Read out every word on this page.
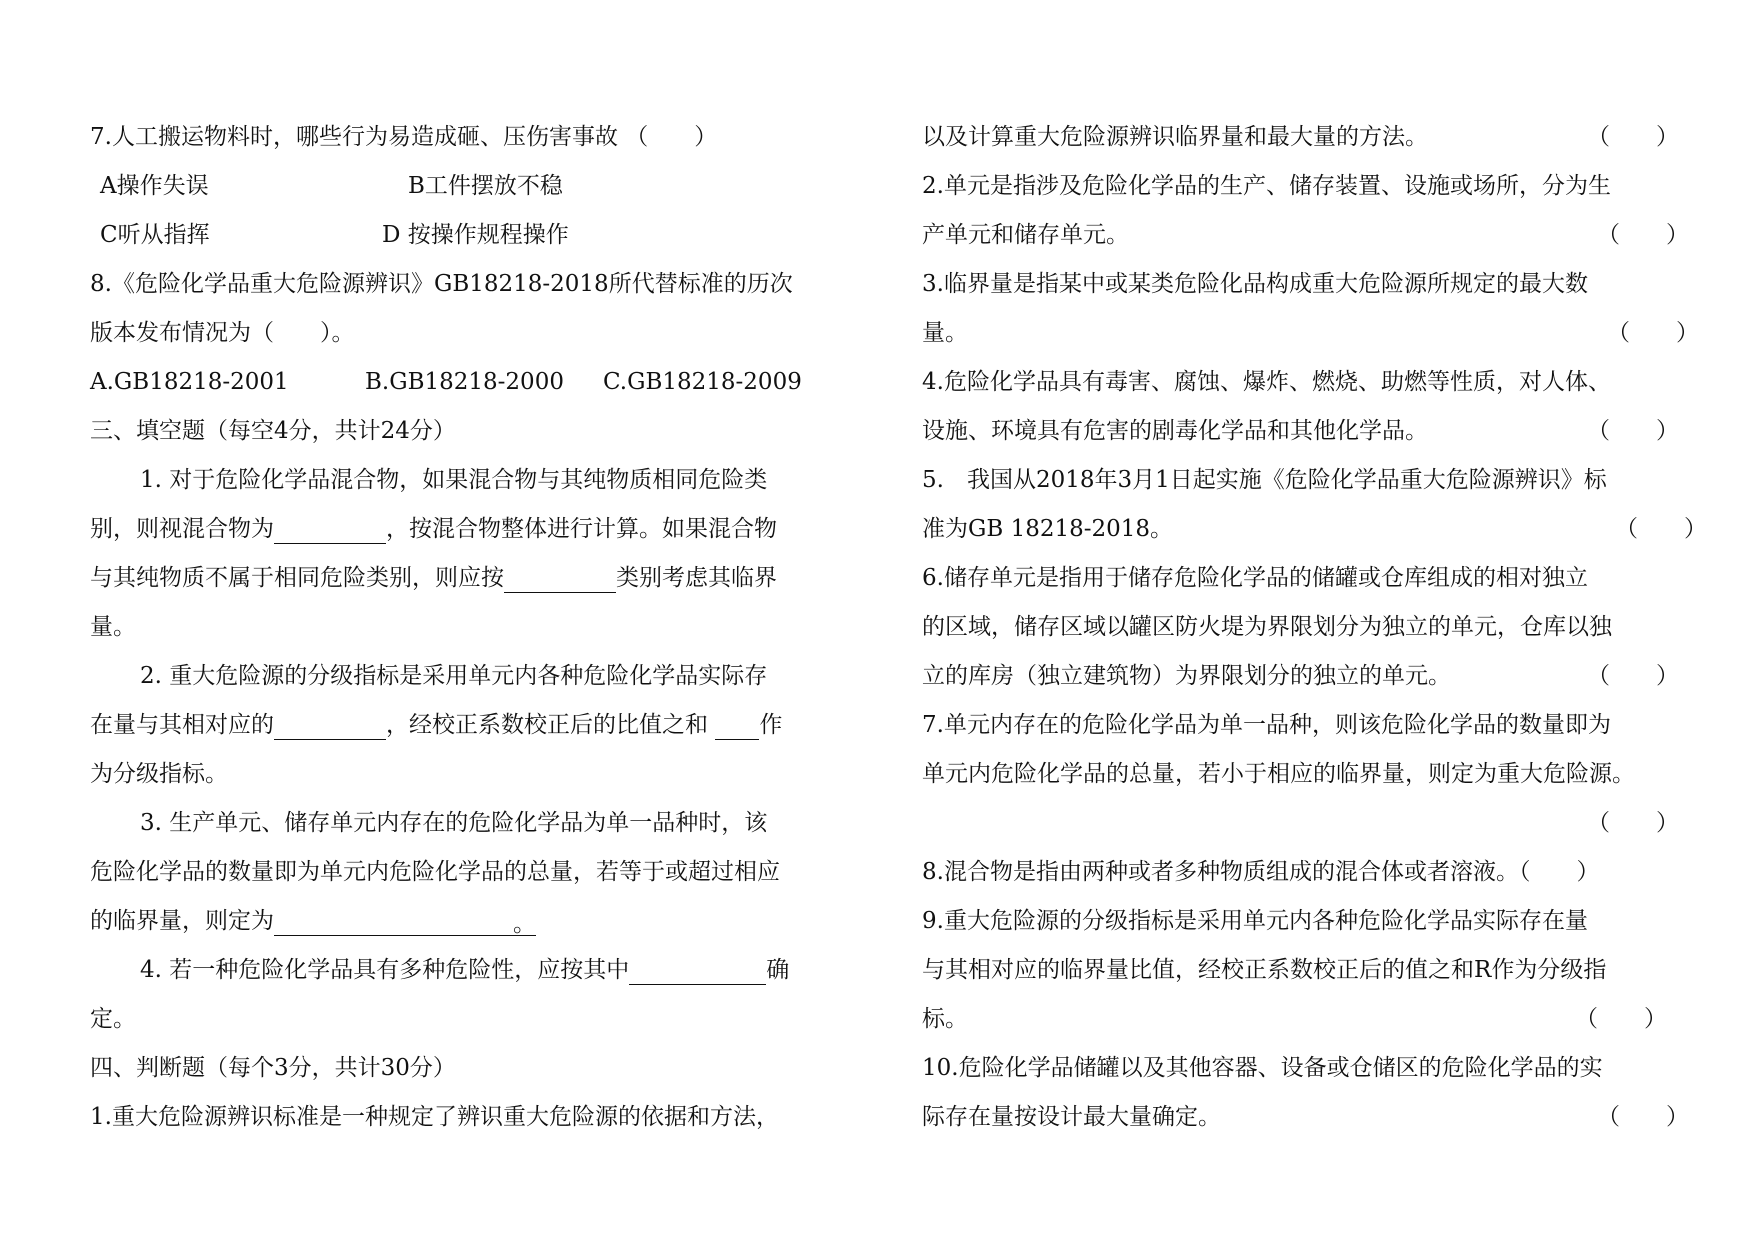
7.人工搬运物料时，哪些行为易造成砸、压伤害事故 （　　）
A操作失误	B工件摆放不稳
C听从指挥	D 按操作规程操作
8.《危险化学品重大危险源辨识》GB18218-2018所代替标准的历次
版本发布情况为（　　）。
A.GB18218-2001	B.GB18218-2000 C.GB18218-2009
三、填空题（每空4分，共计24分）
1. 对于危险化学品混合物，如果混合物与其纯物质相同危险类
别，则视混合物为	，按混合物整体进行计算。如果混合物
与其纯物质不属于相同危险类别，则应按	类别考虑其临界
量。
2. 重大危险源的分级指标是采用单元内各种危险化学品实际存
在量与其相对应的	，经校正系数校正后的比值之和 作
为分级指标。
3. 生产单元、储存单元内存在的危险化学品为单一品种时，该
危险化学品的数量即为单元内危险化学品的总量，若等于或超过相应
的临界量，则定为	。
4. 若一种危险化学品具有多种危险性，应按其中	确
定。
四、判断题（每个3分，共计30分）
1.重大危险源辨识标准是一种规定了辨识重大危险源的依据和方法，
以及计算重大危险源辨识临界量和最大量的方法。	（　　）
2.单元是指涉及危险化学品的生产、储存装置、设施或场所，分为生
产单元和储存单元。	（　　）
3.临界量是指某中或某类危险化品构成重大危险源所规定的最大数
量。	（　　）
4.危险化学品具有毒害、腐蚀、爆炸、燃烧、助燃等性质，对人体、
设施、环境具有危害的剧毒化学品和其他化学品。	（　　）
5.　我国从2018年3月1日起实施《危险化学品重大危险源辨识》标
准为GB 18218-2018。	（　　）
6.储存单元是指用于储存危险化学品的储罐或仓库组成的相对独立
的区域，储存区域以罐区防火堤为界限划分为独立的单元，仓库以独
立的库房（独立建筑物）为界限划分的独立的单元。	（　　）
7.单元内存在的危险化学品为单一品种，则该危险化学品的数量即为
单元内危险化学品的总量，若小于相应的临界量，则定为重大危险源。
（　　）
8.混合物是指由两种或者多种物质组成的混合体或者溶液。（　　）
9.重大危险源的分级指标是采用单元内各种危险化学品实际存在量
与其相对应的临界量比值，经校正系数校正后的值之和R作为分级指
标。	（　　）
10.危险化学品储罐以及其他容器、设备或仓储区的危险化学品的实
际存在量按设计最大量确定。	（　　）
